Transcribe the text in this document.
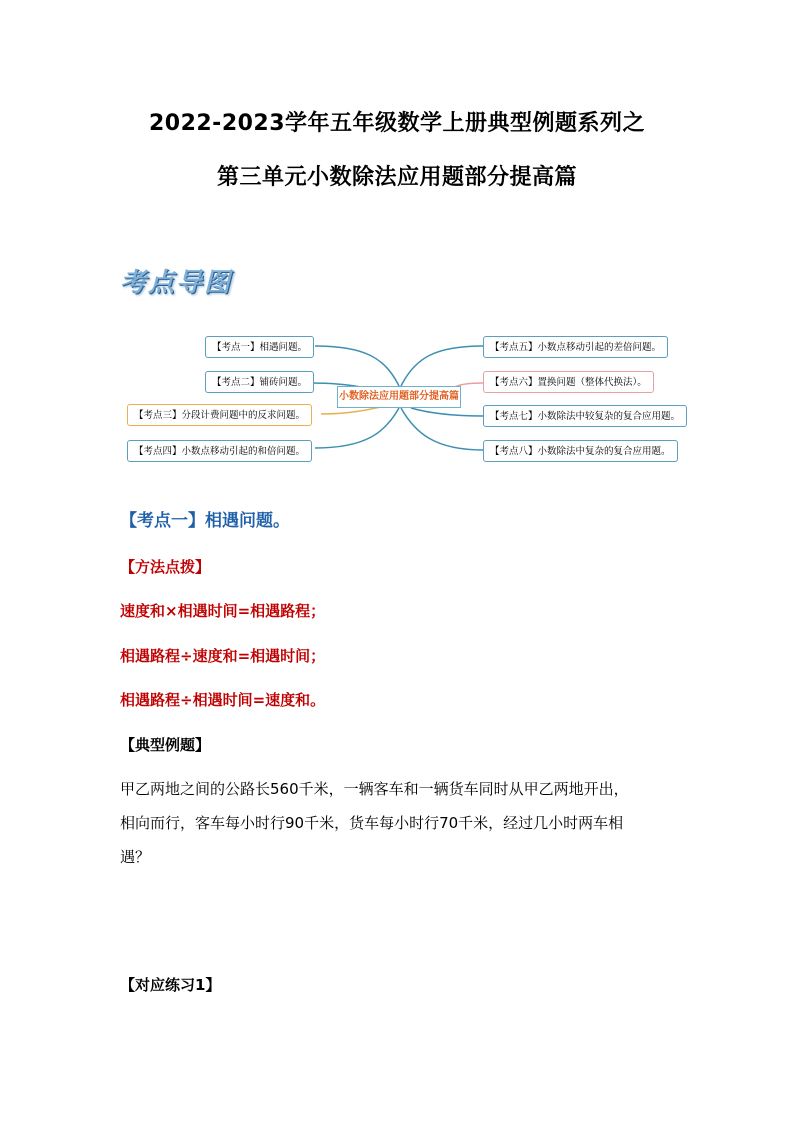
2022-2023学年五年级数学上册典型例题系列之
第三单元小数除法应用题部分提高篇
考点导图
【考点一】相遇问题。
【考点二】铺砖问题。
【考点三】分段计费问题中的反求问题。
【考点四】小数点移动引起的和倍问题。
小数除法应用题部分提高篇
【考点五】小数点移动引起的差倍问题。
【考点六】置换问题（整体代换法）。
【考点七】小数除法中较复杂的复合应用题。
【考点八】小数除法中复杂的复合应用题。
【考点一】相遇问题。
【方法点拨】
速度和×相遇时间=相遇路程；
相遇路程÷速度和=相遇时间；
相遇路程÷相遇时间=速度和。
【典型例题】
甲乙两地之间的公路长560千米，一辆客车和一辆货车同时从甲乙两地开出，
相向而行，客车每小时行90千米，货车每小时行70千米，经过几小时两车相
遇？
【对应练习1】
